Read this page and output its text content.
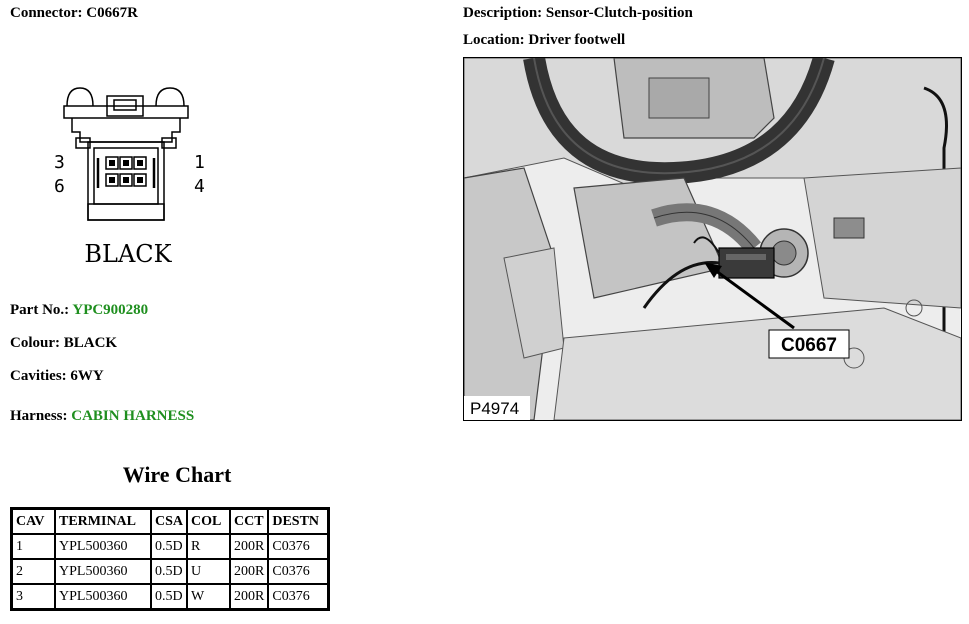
Connector: C0667R	Description: Sensor-Clutch-position
Location: Driver footwell
3
6
1
4
BLACK
C0667
P4974
Part No.: YPC900280
Colour: BLACK
Cavities: 6WY
Harness: CABIN HARNESS
Wire Chart
CAV	TERMINAL	CSA	COL	CCT	DESTN
1	YPL500360	0.5D	R	200R	C0376
2	YPL500360	0.5D	U	200R	C0376
3	YPL500360	0.5D	W	200R	C0376
